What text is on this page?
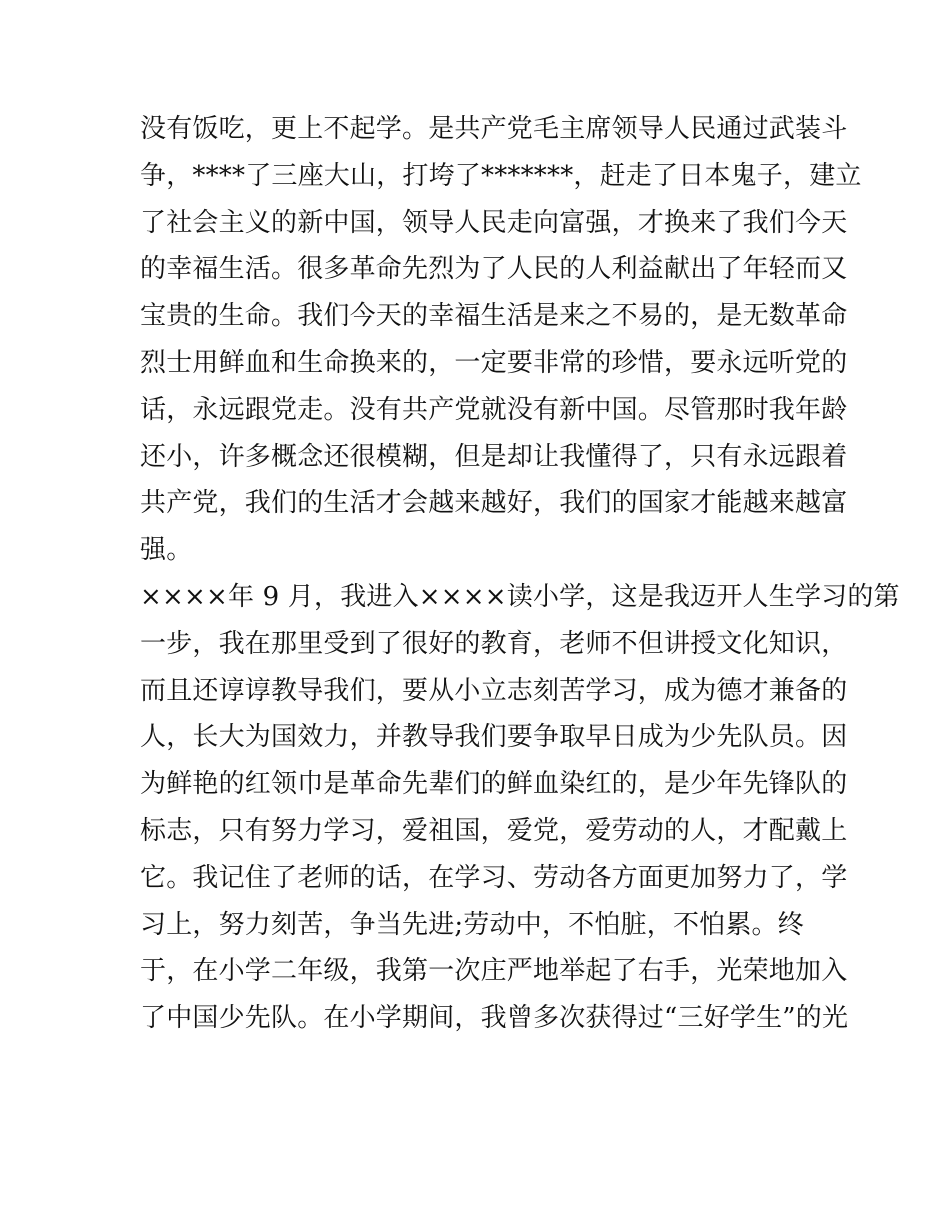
没有饭吃，更上不起学。是共产党毛主席领导人民通过武装斗
争，****了三座大山，打垮了*******，赶走了日本鬼子，建立
了社会主义的新中国，领导人民走向富强，才换来了我们今天
的幸福生活。很多革命先烈为了人民的人利益献出了年轻而又
宝贵的生命。我们今天的幸福生活是来之不易的，是无数革命
烈士用鲜血和生命换来的，一定要非常的珍惜，要永远听党的
话，永远跟党走。没有共产党就没有新中国。尽管那时我年龄
还小，许多概念还很模糊，但是却让我懂得了，只有永远跟着
共产党，我们的生活才会越来越好，我们的国家才能越来越富
强。
××××年 9 月，我进入××××读小学，这是我迈开人生学习的第
一步，我在那里受到了很好的教育，老师不但讲授文化知识，
而且还谆谆教导我们，要从小立志刻苦学习，成为德才兼备的
人，长大为国效力，并教导我们要争取早日成为少先队员。因
为鲜艳的红领巾是革命先辈们的鲜血染红的，是少年先锋队的
标志，只有努力学习，爱祖国，爱党，爱劳动的人，才配戴上
它。我记住了老师的话，在学习、劳动各方面更加努力了，学
习上，努力刻苦，争当先进;劳动中，不怕脏，不怕累。终
于，在小学二年级，我第一次庄严地举起了右手，光荣地加入
了中国少先队。在小学期间，我曾多次获得过“三好学生”的光
